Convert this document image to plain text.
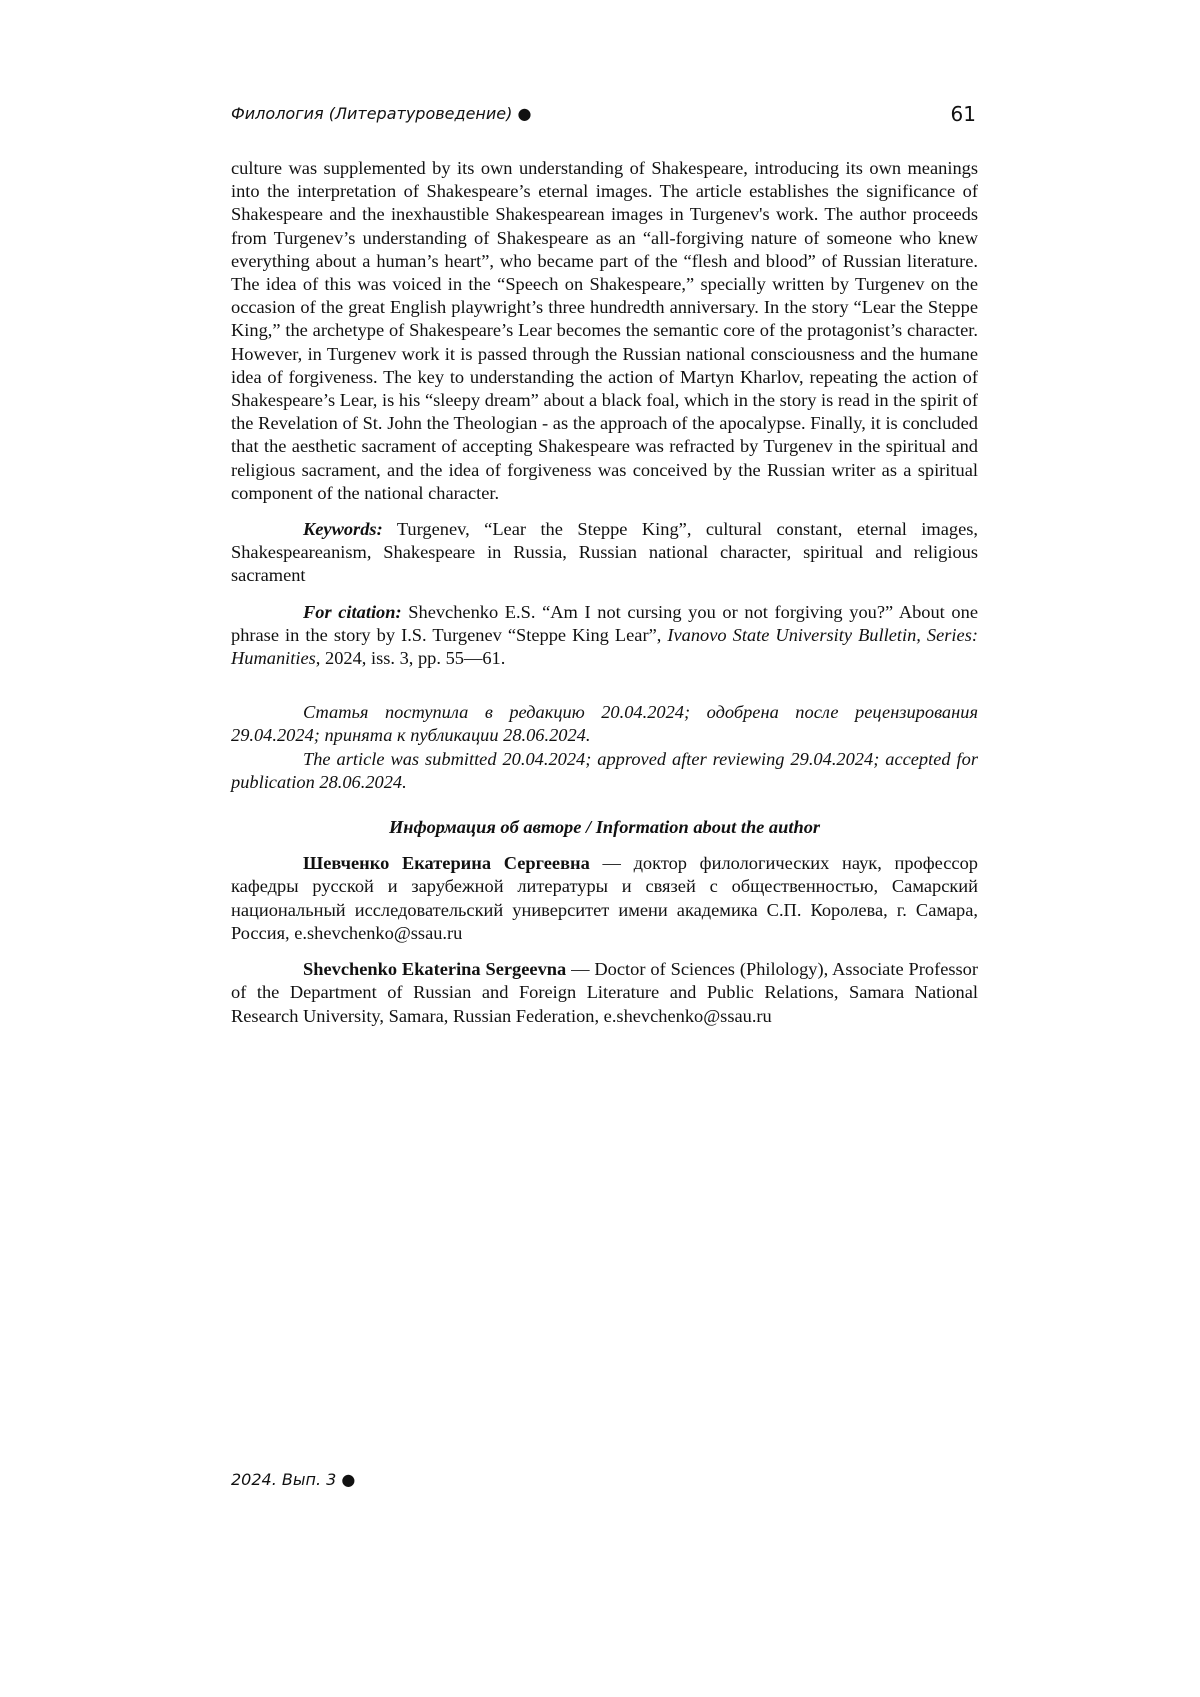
Филология (Литературоведение) ●	61

culture was supplemented by its own understanding of Shakespeare, introducing its own meanings into the interpretation of Shakespeare’s eternal images. The article establishes the significance of Shakespeare and the inexhaustible Shakespearean images in Turgenev's work. The author proceeds from Turgenev’s understanding of Shakespeare as an “all-forgiving nature of someone who knew everything about a human’s heart”, who became part of the “flesh and blood” of Russian literature. The idea of this was voiced in the “Speech on Shakespeare,” specially written by Turgenev on the occasion of the great English playwright’s three hundredth anniversary. In the story “Lear the Steppe King,” the archetype of Shakespeare’s Lear becomes the semantic core of the protagonist’s character. However, in Turgenev work it is passed through the Russian national consciousness and the humane idea of forgiveness. The key to understanding the action of Martyn Kharlov, repeating the action of Shakespeare’s Lear, is his “sleepy dream” about a black foal, which in the story is read in the spirit of the Revelation of St. John the Theologian - as the approach of the apocalypse. Finally, it is concluded that the aesthetic sacrament of accepting Shakespeare was refracted by Turgenev in the spiritual and religious sacrament, and the idea of forgiveness was conceived by the Russian writer as a spiritual component of the national character.

Keywords: Turgenev, “Lear the Steppe King”, cultural constant, eternal images, Shakespeareanism, Shakespeare in Russia, Russian national character, spiritual and religious sacrament

For citation: Shevchenko E.S. “Am I not cursing you or not forgiving you?” About one phrase in the story by I.S. Turgenev “Steppe King Lear”, Ivanovo State University Bulletin, Series: Humanities, 2024, iss. 3, pp. 55—61.

Статья поступила в редакцию 20.04.2024; одобрена после рецензирования 29.04.2024; принята к публикации 28.06.2024.

The article was submitted 20.04.2024; approved after reviewing 29.04.2024; accepted for publication 28.06.2024.

Информация об авторе / Information about the author

Шевченко Екатерина Сергеевна — доктор филологических наук, профессор кафедры русской и зарубежной литературы и связей с общественностью, Самарский национальный исследовательский университет имени академика С.П. Королева, г. Самара, Россия, e.shevchenko@ssau.ru

Shevchenko Ekaterina Sergeevna — Doctor of Sciences (Philology), Associate Professor of the Department of Russian and Foreign Literature and Public Relations, Samara National Research University, Samara, Russian Federation, e.shevchenko@ssau.ru

2024. Вып. 3 ●
